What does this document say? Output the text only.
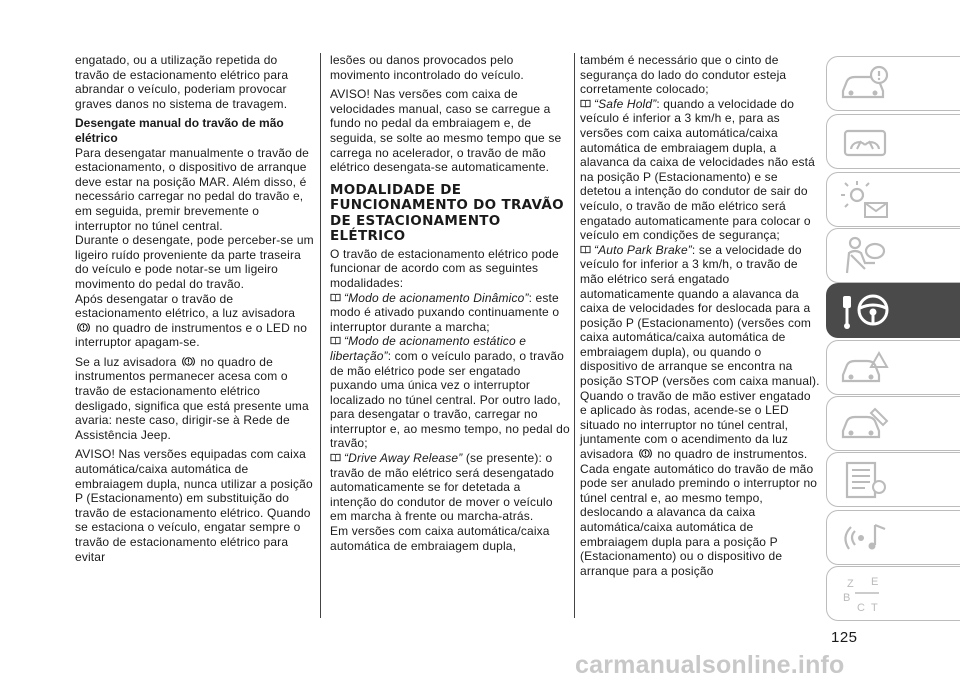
engatado, ou a utilização repetida do travão de estacionamento elétrico para abrandar o veículo, poderiam provocar graves danos no sistema de travagem.

Desengate manual do travão de mão elétrico

Para desengatar manualmente o travão de estacionamento, o dispositivo de arranque deve estar na posição MAR. Além disso, é necessário carregar no pedal do travão e, em seguida, premir brevemente o interruptor no túnel central.

Durante o desengate, pode perceber-se um ligeiro ruído proveniente da parte traseira do veículo e pode notar-se um ligeiro movimento do pedal do travão.

Após desengatar o travão de estacionamento elétrico, a luz avisadora  no quadro de instrumentos e o LED no interruptor apagam-se.

Se a luz avisadora no quadro de instrumentos permanecer acesa com o travão de estacionamento elétrico desligado, significa que está presente uma avaria: neste caso, dirigir-se à Rede de Assistência Jeep.

AVISO! Nas versões equipadas com caixa automática/caixa automática de embraiagem dupla, nunca utilizar a posição P (Estacionamento) em substituição do travão de estacionamento elétrico. Quando se estaciona o veículo, engatar sempre o travão de estacionamento elétrico para evitar

lesões ou danos provocados pelo movimento incontrolado do veículo.

AVISO! Nas versões com caixa de velocidades manual, caso se carregue a fundo no pedal da embraiagem e, de seguida, se solte ao mesmo tempo que se carrega no acelerador, o travão de mão elétrico desengata-se automaticamente.

MODALIDADE DE FUNCIONAMENTO DO TRAVÃO DE ESTACIONAMENTO ELÉTRICO

O travão de estacionamento elétrico pode funcionar de acordo com as seguintes modalidades:

“Modo de acionamento Dinâmico”: este modo é ativado puxando continuamente o interruptor durante a marcha;
“Modo de acionamento estático e libertação”: com o veículo parado, o travão de mão elétrico pode ser engatado puxando uma única vez o interruptor localizado no túnel central. Por outro lado, para desengatar o travão, carregar no interruptor e, ao mesmo tempo, no pedal do travão;
“Drive Away Release” (se presente): o travão de mão elétrico será desengatado automaticamente se for detetada a intenção do condutor de mover o veículo em marcha à frente ou marcha-atrás.

Em versões com caixa automática/caixa automática de embraiagem dupla,

também é necessário que o cinto de segurança do lado do condutor esteja corretamente colocado;

“Safe Hold”: quando a velocidade do veículo é inferior a 3 km/h e, para as versões com caixa automática/caixa automática de embraiagem dupla, a alavanca da caixa de velocidades não está na posição P (Estacionamento) e se detetou a intenção do condutor de sair do veículo, o travão de mão elétrico será engatado automaticamente para colocar o veículo em condições de segurança;
“Auto Park Brake”: se a velocidade do veículo for inferior a 3 km/h, o travão de mão elétrico será engatado automaticamente quando a alavanca da caixa de velocidades for deslocada para a posição P (Estacionamento) (versões com caixa automática/caixa automática de embraiagem dupla), ou quando o dispositivo de arranque se encontra na posição STOP (versões com caixa manual). Quando o travão de mão estiver engatado e aplicado às rodas, acende-se o LED situado no interruptor no túnel central, juntamente com o acendimento da luz avisadora no quadro de instrumentos. Cada engate automático do travão de mão pode ser anulado premindo o interruptor no túnel central e, ao mesmo tempo, deslocando a alavanca da caixa automática/caixa automática de embraiagem dupla para a posição P (Estacionamento) ou o dispositivo de arranque para a posição
Z E
B
C T
125
carmanualsonline.info
